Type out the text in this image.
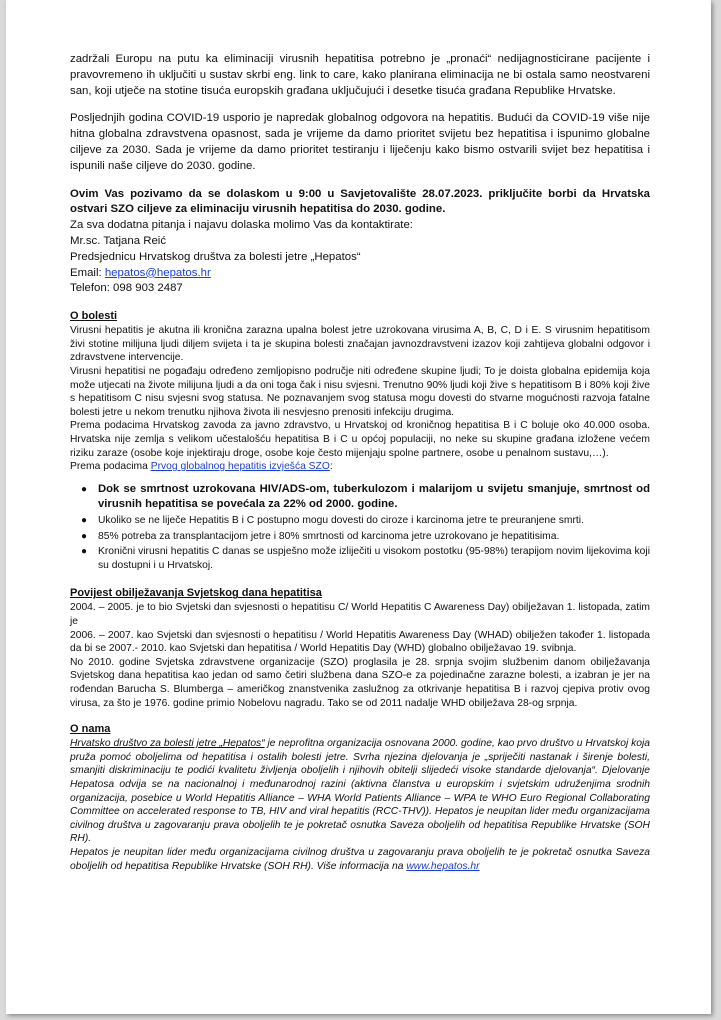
zadržali Europu na putu ka eliminaciji virusnih hepatitisa potrebno je „pronaći“ nedijagnosticirane pacijente i pravovremeno ih uključiti u sustav skrbi eng. link to care, kako planirana eliminacija ne bi ostala samo neostvareni san, koji utječe na stotine tisuća europskih građana uključujući i desetke tisuća građana Republike Hrvatske.

Posljednjih godina COVID-19 usporio je napredak globalnog odgovora na hepatitis. Budući da COVID-19 više nije hitna globalna zdravstvena opasnost, sada je vrijeme da damo prioritet svijetu bez hepatitisa i ispunimo globalne ciljeve za 2030. Sada je vrijeme da damo prioritet testiranju i liječenju kako bismo ostvarili svijet bez hepatitisa i ispunili naše ciljeve do 2030. godine.

Ovim Vas pozivamo da se dolaskom u 9:00 u Savjetovalište 28.07.2023. priključite borbi da Hrvatska ostvari SZO ciljeve za eliminaciju virusnih hepatitisa do 2030. godine.

Za sva dodatna pitanja i najavu dolaska molimo Vas da kontaktirate:

Mr.sc. Tatjana Reić

Predsjednicu Hrvatskog društva za bolesti jetre „Hepatos“

Email: hepatos@hepatos.hr

Telefon: 098 903 2487

O bolesti

Virusni hepatitis je akutna ili kronična zarazna upalna bolest jetre uzrokovana virusima A, B, C, D i E. S virusnim hepatitisom živi stotine milijuna ljudi diljem svijeta i ta je skupina bolesti značajan javnozdravstveni izazov koji zahtijeva globalni odgovor i zdravstvene intervencije.

Virusni hepatitisi ne pogađaju određeno zemljopisno područje niti određene skupine ljudi; To je doista globalna epidemija koja može utjecati na živote milijuna ljudi a da oni toga čak i nisu svjesni. Trenutno 90% ljudi koji žive s hepatitisom B i 80% koji žive s hepatitisom C nisu svjesni svog statusa. Ne poznavanjem svog statusa mogu dovesti do stvarne mogućnosti razvoja fatalne bolesti jetre u nekom trenutku njihova života ili nesvjesno prenositi infekciju drugima.

Prema podacima Hrvatskog zavoda za javno zdravstvo, u Hrvatskoj od kroničnog hepatitisa B i C boluje oko 40.000 osoba. Hrvatska nije zemlja s velikom učestalošću hepatitisa B i C u općoj populaciji, no neke su skupine građana izložene većem riziku zaraze (osobe koje injektiraju droge, osobe koje često mijenjaju spolne partnere, osobe u penalnom sustavu,…).

Prema podacima Prvog globalnog hepatitis izvješća SZO:

● Dok se smrtnost uzrokovana HIV/ADS-om, tuberkulozom i malarijom u svijetu smanjuje, smrtnost od virusnih hepatitisa se povećala za 22% od 2000. godine.
● Ukoliko se ne liječe Hepatitis B i C postupno mogu dovesti do ciroze i karcinoma jetre te preuranjene smrti.
● 85% potreba za transplantacijom jetre i 80% smrtnosti od karcinoma jetre uzrokovano je hepatitisima.
● Kronični virusni hepatitis C danas se uspješno može izliječiti u visokom postotku (95-98%) terapijom novim lijekovima koji su dostupni i u Hrvatskoj.

Povijest obilježavanja Svjetskog dana hepatitisa

2004. – 2005. je to bio Svjetski dan svjesnosti o hepatitisu C/ World Hepatitis C Awareness Day) obilježavan 1. listopada, zatim je

2006. – 2007. kao Svjetski dan svjesnosti o hepatitisu / World Hepatitis Awareness Day (WHAD) obilježen također 1. listopada da bi se 2007.- 2010. kao Svjetski dan hepatitisa / World Hepatitis Day (WHD) globalno obilježavao 19. svibnja.

No 2010. godine Svjetska zdravstvene organizacije (SZO) proglasila je 28. srpnja svojim službenim danom obilježavanja Svjetskog dana hepatitisa kao jedan od samo četiri službena dana SZO-e za pojedinačne zarazne bolesti, a izabran je jer na rođendan Barucha S. Blumberga – američkog znanstvenika zaslužnog za otkrivanje hepatitisa B i razvoj cjepiva protiv ovog virusa, za što je 1976. godine primio Nobelovu nagradu. Tako se od 2011 nadalje WHD obilježava 28-og srpnja.

O nama

Hrvatsko društvo za bolesti jetre „Hepatos“ je neprofitna organizacija osnovana 2000. godine, kao prvo društvo u Hrvatskoj koja pruža pomoć oboljelima od hepatitisa i ostalih bolesti jetre. Svrha njezina djelovanja je „spriječiti nastanak i širenje bolesti, smanjiti diskriminaciju te podići kvalitetu življenja oboljelih i njihovih obitelji slijedeći visoke standarde djelovanja“. Djelovanje Hepatosa odvija se na nacionalnoj i međunarodnoj razini (aktivna članstva u europskim i svjetskim udruženjima srodnih organizacija, posebice u World Hepatitis Alliance – WHA World Patients Alliance – WPA te WHO Euro Regional Collaborating Committee on accelerated response to TB, HIV and viral hepatitis (RCC-THV)). Hepatos je neupitan lider među organizacijama civilnog društva u zagovaranju prava oboljelih te je pokretač osnutka Saveza oboljelih od hepatitisa Republike Hrvatske (SOH RH).

Hepatos je neupitan lider među organizacijama civilnog društva u zagovaranju prava oboljelih te je pokretač osnutka Saveza oboljelih od hepatitisa Republike Hrvatske (SOH RH). Više informacija na www.hepatos.hr
